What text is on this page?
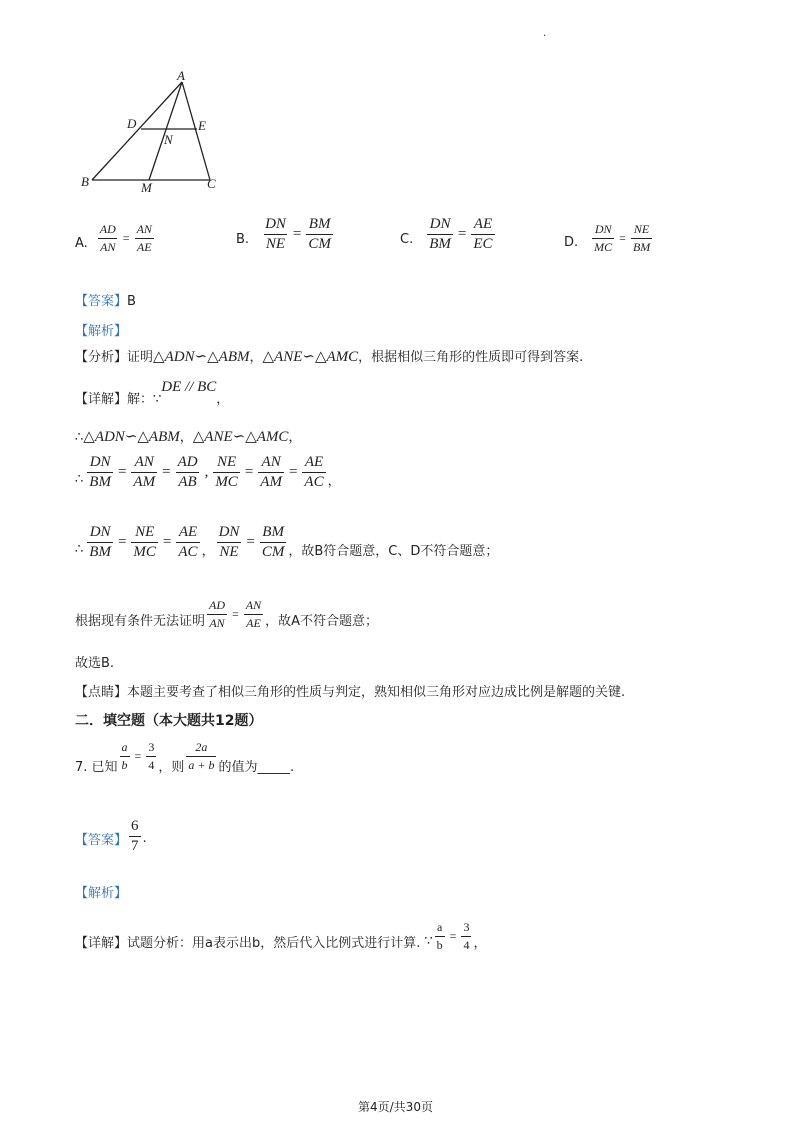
.
A
B	C
D	E
M
N
A. $\frac{AD}{AN} = \frac{AN}{AE}$	B. $\frac{DN}{NE} = \frac{BM}{CM}$	C. $\frac{DN}{BM} = \frac{AE}{EC}$	D. $\frac{DN}{MC} = \frac{NE}{BM}$
【答案】B
【解析】
【分析】证明△ADN∽△ABM，△ANE∽△AMC，根据相似三角形的性质即可得到答案.
【详解】解：∵DE // BC，
∴△ADN∽△ABM，△ANE∽△AMC，
∴ $\frac{DN}{BM} = \frac{AN}{AM} = \frac{AD}{AB}$ , $\frac{NE}{MC} = \frac{AN}{AM} = \frac{AE}{AC}$ ，
∴ $\frac{DN}{BM} = \frac{NE}{MC} = \frac{AE}{AC}$ ， $\frac{DN}{NE} = \frac{BM}{CM}$ ，故B符合题意，C、D不符合题意；
根据现有条件无法证明 $\frac{AD}{AN} = \frac{AN}{AE}$ ，故A不符合题意；
故选B.
【点睛】本题主要考查了相似三角形的性质与判定，熟知相似三角形对应边成比例是解题的关键.
二．填空题（本大题共12题）
7. 已知 $\frac{a}{b} = \frac{3}{4}$ ，则 $\frac{2a}{a + b}$ 的值为_____.
【答案】 $\frac{6}{7}$ .
【解析】
【详解】 试题分析：用a表示出b，然后代入比例式进行计算. ∵ $\frac{a}{b} = \frac{3}{4}$ ，
第4页/共30页
